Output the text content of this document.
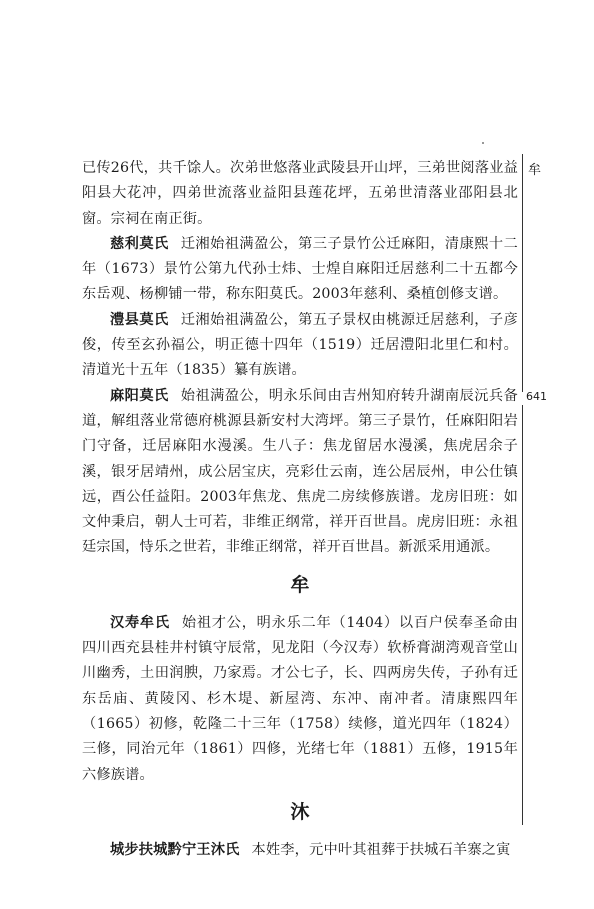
牟
641

已传26代，共千馀人。次弟世悠落业武陵县开山坪，三弟世阅落业益阳县大花冲，四弟世流落业益阳县莲花坪，五弟世清落业邵阳县北窗。宗祠在南正街。

慈利莫氏 迁湘始祖满盈公，第三子景竹公迁麻阳，清康熙十二年（1673）景竹公第九代孙士炜、士煌自麻阳迁居慈利二十五都今东岳观、杨柳铺一带，称东阳莫氏。2003年慈利、桑植创修支谱。

澧县莫氏 迁湘始祖满盈公，第五子景权由桃源迁居慈利，子彦俊，传至玄孙福公，明正德十四年（1519）迁居澧阳北里仁和村。清道光十五年（1835）纂有族谱。

麻阳莫氏 始祖满盈公，明永乐间由吉州知府转升湖南辰沅兵备道，解组落业常德府桃源县新安村大湾坪。第三子景竹，任麻阳阳岩门守备，迁居麻阳水漫溪。生八子：焦龙留居水漫溪，焦虎居余子溪，银牙居靖州，成公居宝庆，亮彩仕云南，连公居辰州，申公仕镇远，酉公任益阳。2003年焦龙、焦虎二房续修族谱。龙房旧班：如文仲秉启，朝人士可若，非维正纲常，祥开百世昌。虎房旧班：永祖廷宗国，恃乐之世若，非维正纲常，祥开百世昌。新派采用通派。

牟

汉寿牟氏 始祖才公，明永乐二年（1404）以百户侯奉圣命由四川西充县桂井村镇守辰常，见龙阳（今汉寿）软桥膏湖湾观音堂山川幽秀，土田润腴，乃家焉。才公七子，长、四两房失传，子孙有迁东岳庙、黄陵冈、杉木堤、新屋湾、东冲、南冲者。清康熙四年（1665）初修，乾隆二十三年（1758）续修，道光四年（1824）三修，同治元年（1861）四修，光绪七年（1881）五修，1915年六修族谱。

沐

城步扶城黔宁王沐氏 本姓李，元中叶其祖葬于扶城石羊寨之寅
